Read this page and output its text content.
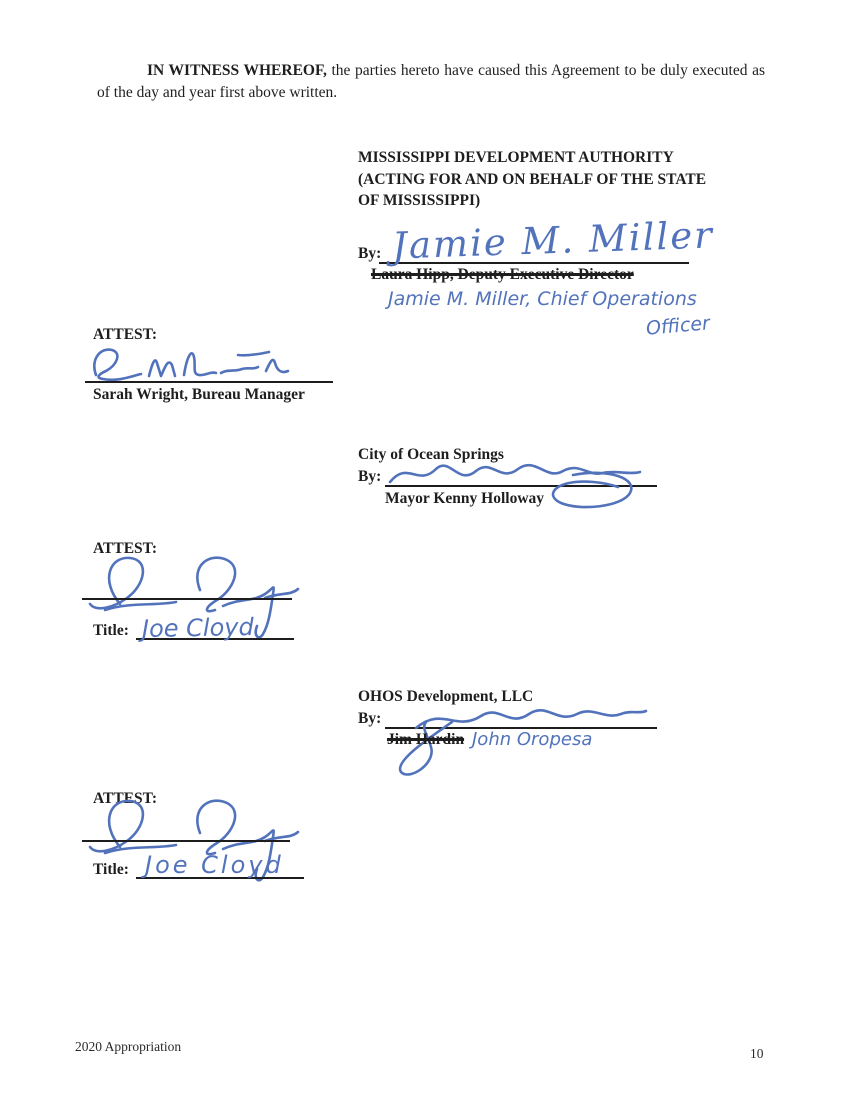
IN WITNESS WHEREOF, the parties hereto have caused this Agreement to be duly executed as of the day and year first above written.

MISSISSIPPI DEVELOPMENT AUTHORITY
(ACTING FOR AND ON BEHALF OF THE STATE
OF MISSISSIPPI)
By: Jamie M. Miller
Laura Hipp, Deputy Executive Director
Jamie M. Miller, Chief Operations
Officer
ATTEST:
Sarah Wright, Bureau Manager
City of Ocean Springs
By:
Mayor Kenny Holloway
ATTEST:
Title: Joe Cloyd
OHOS Development, LLC
By:
Jim Hardin John Oropesa
ATTEST:
Title: Joe Cloyd
2020 Appropriation	10
